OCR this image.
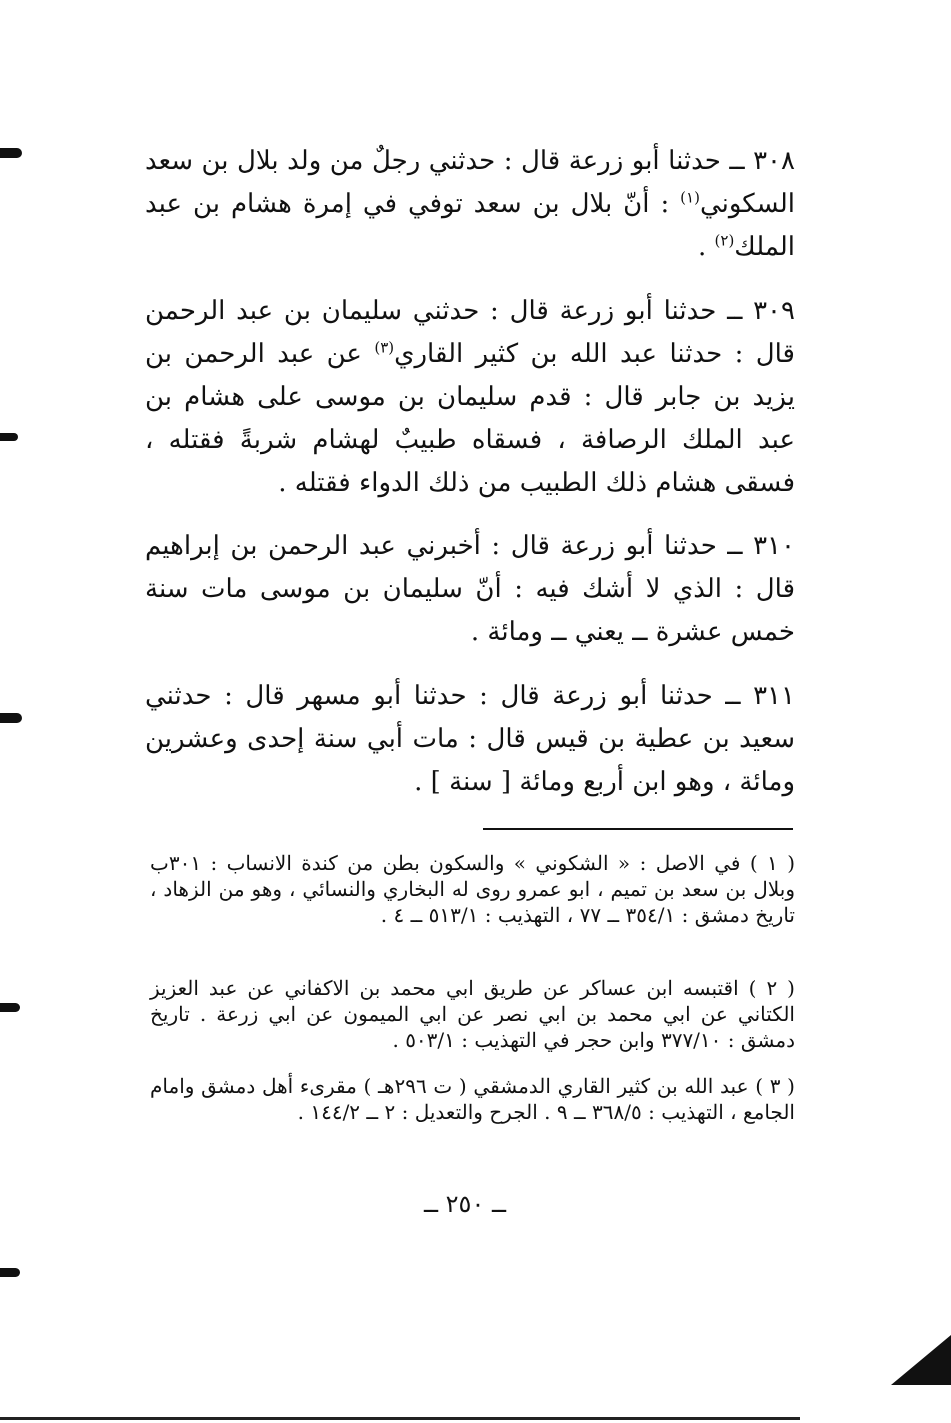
٣٠٨ ــ حدثنا أبو زرعة قال : حدثني رجلٌ من ولد بلال بن سعد السكوني$^{(١)}$ : أنّ بلال بن سعد توفي في إمرة هشام بن عبد الملك$^{(٢)}$ .

٣٠٩ ــ حدثنا أبو زرعة قال : حدثني سليمان بن عبد الرحمن قال : حدثنا عبد الله بن كثير القاري$^{(٣)}$ عن عبد الرحمن بن يزيد بن جابر قال : قدم سليمان بن موسى على هشام بن عبد الملك الرصافة ، فسقاه طبيبٌ لهشام شربةً فقتله ، فسقى هشام ذلك الطبيب من ذلك الدواء فقتله .

٣١٠ ــ حدثنا أبو زرعة قال : أخبرني عبد الرحمن بن إبراهيم قال : الذي لا أشك فيه : أنّ سليمان بن موسى مات سنة خمس عشرة ــ يعني ــ ومائة .

٣١١ ــ حدثنا أبو زرعة قال : حدثنا أبو مسهر قال : حدثني سعيد بن عطية بن قيس قال : مات أبي سنة إحدى وعشرين ومائة ، وهو ابن أربع ومائة [ سنة ] .

( ١ ) في الاصل : « الشكوني » والسكون بطن من كندة الانساب : ٣٠١ب وبلال بن سعد بن تميم ، ابو عمرو روى له البخاري والنسائي ، وهو من الزهاد ، تاريخ دمشق : ٣٥٤/١ ــ ٧٧ ، التهذيب : ٥١٣/١ ــ ٤ .

( ٢ ) اقتبسه ابن عساكر عن طريق ابي محمد بن الاكفاني عن عبد العزيز الكتاني عن ابي محمد بن ابي نصر عن ابي الميمون عن ابي زرعة . تاريخ دمشق : ٣٧٧/١٠ وابن حجر في التهذيب : ٥٠٣/١ .

( ٣ ) عبد الله بن كثير القاري الدمشقي ( ت ٢٩٦هـ ) مقرىء أهل دمشق وامام الجامع ، التهذيب : ٣٦٨/٥ ــ ٩ . الجرح والتعديل : ٢ ــ ١٤٤/٢ .

ــ ٢٥٠ ــ
